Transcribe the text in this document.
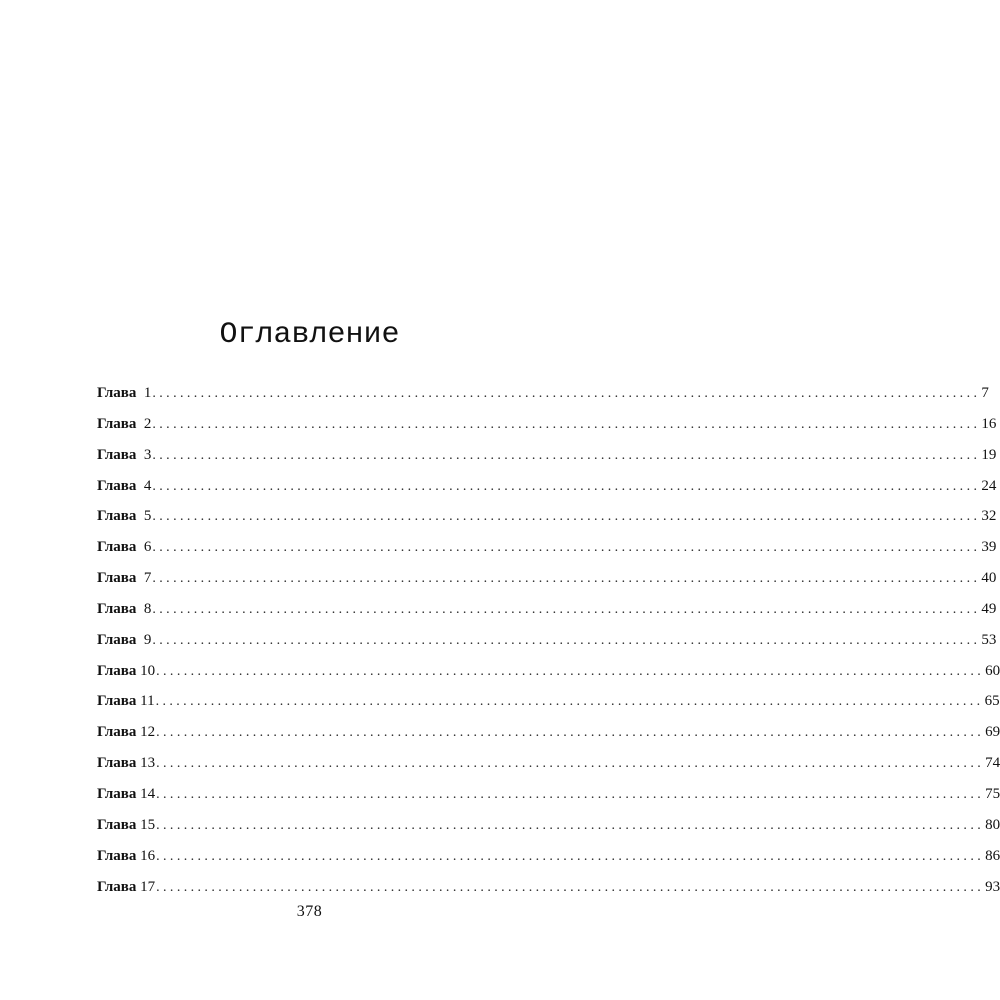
Оглавление
Глава  1 ........................................................................................................................ 7
Глава  2 ........................................................................................................................ 16
Глава  3 ........................................................................................................................ 19
Глава  4 ........................................................................................................................ 24
Глава  5 ........................................................................................................................ 32
Глава  6 ........................................................................................................................ 39
Глава  7 ........................................................................................................................ 40
Глава  8 ........................................................................................................................ 49
Глава  9 ........................................................................................................................ 53
Глава 10 ........................................................................................................................ 60
Глава 11 ........................................................................................................................ 65
Глава 12 ........................................................................................................................ 69
Глава 13 ........................................................................................................................ 74
Глава 14 ........................................................................................................................ 75
Глава 15 ........................................................................................................................ 80
Глава 16 ........................................................................................................................ 86
Глава 17 ........................................................................................................................ 93
378
